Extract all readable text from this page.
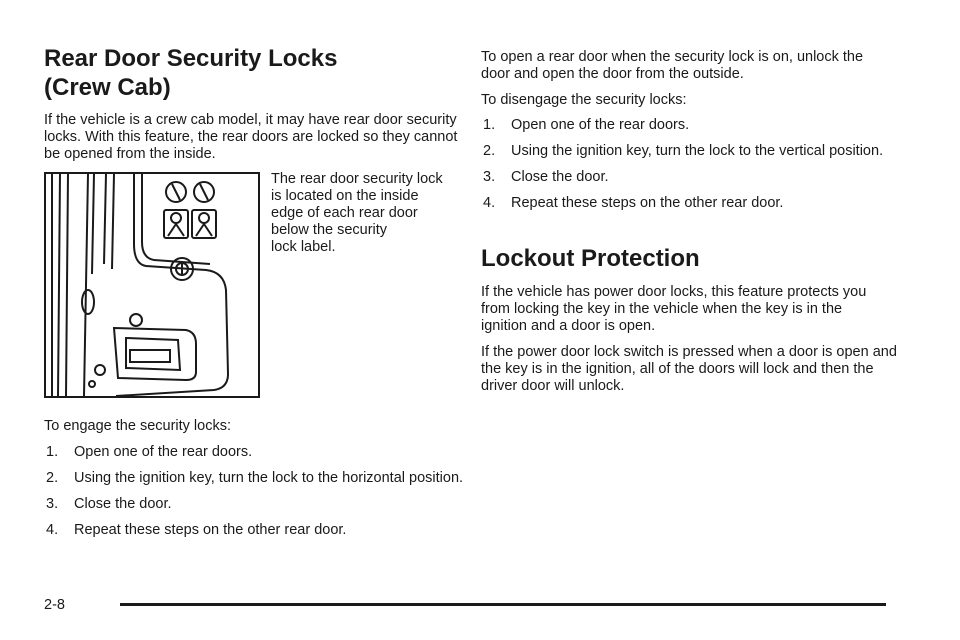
Rear Door Security Locks
(Crew Cab)

If the vehicle is a crew cab model, it may have rear door security locks. With this feature, the rear doors are locked so they cannot be opened from the inside.

The rear door security lock

is located on the inside

edge of each rear door

below the security

lock label.

To engage the security locks:

1. Open one of the rear doors.
2. Using the ignition key, turn the lock to the horizontal position.
3. Close the door.
4. Repeat these steps on the other rear door.

To open a rear door when the security lock is on, unlock the door and open the door from the outside.

To disengage the security locks:

1. Open one of the rear doors.
2. Using the ignition key, turn the lock to the vertical position.
3. Close the door.
4. Repeat these steps on the other rear door.
Lockout Protection

If the vehicle has power door locks, this feature protects you from locking the key in the vehicle when the key is in the ignition and a door is open.

If the power door lock switch is pressed when a door is open and the key is in the ignition, all of the doors will lock and then the driver door will unlock.

2-8
